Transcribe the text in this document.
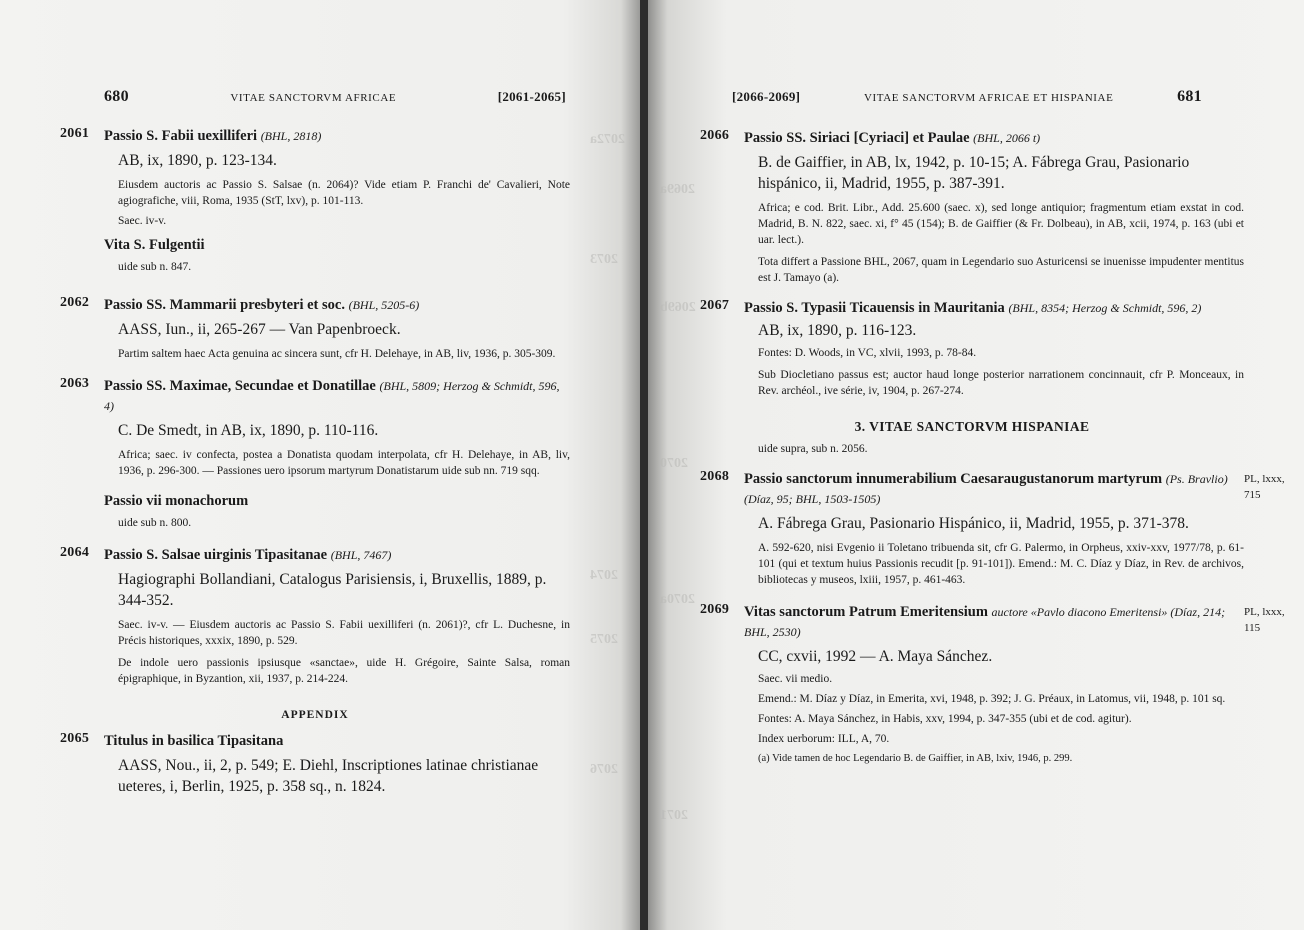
680	VITAE SANCTORVM AFRICAE	[2061-2065]
2072a
2073
2074
2075
2076
2061 Passio S. Fabii uexilliferi (BHL, 2818)
AB, ix, 1890, p. 123-134.
Eiusdem auctoris ac Passio S. Salsae (n. 2064)? Vide etiam P. Franchi de' Cavalieri, Note agiografiche, viii, Roma, 1935 (StT, lxv), p. 101-113.
Saec. iv-v.
Vita S. Fulgentii
uide sub n. 847.
2062 Passio SS. Mammarii presbyteri et soc. (BHL, 5205-6)
AASS, Iun., ii, 265-267 — Van Papenbroeck.
Partim saltem haec Acta genuina ac sincera sunt, cfr H. Delehaye, in AB, liv, 1936, p. 305-309.
2063 Passio SS. Maximae, Secundae et Donatillae (BHL, 5809; Herzog & Schmidt, 596, 4)
C. De Smedt, in AB, ix, 1890, p. 110-116.
Africa; saec. iv confecta, postea a Donatista quodam interpolata, cfr H. Delehaye, in AB, liv, 1936, p. 296-300. — Passiones uero ipsorum martyrum Donatistarum uide sub nn. 719 sqq.
Passio vii monachorum
uide sub n. 800.
2064 Passio S. Salsae uirginis Tipasitanae (BHL, 7467)
Hagiographi Bollandiani, Catalogus Parisiensis, i, Bruxellis, 1889, p. 344-352.
Saec. iv-v. — Eiusdem auctoris ac Passio S. Fabii uexilliferi (n. 2061)?, cfr L. Duchesne, in Précis historiques, xxxix, 1890, p. 529.
De indole uero passionis ipsiusque «sanctae», uide H. Grégoire, Sainte Salsa, roman épigraphique, in Byzantion, xii, 1937, p. 214-224.
APPENDIX
2065 Titulus in basilica Tipasitana
AASS, Nou., ii, 2, p. 549; E. Diehl, Inscriptiones latinae christianae ueteres, i, Berlin, 1925, p. 358 sq., n. 1824.
[2066-2069]	VITAE SANCTORVM AFRICAE ET HISPANIAE	681
2069a
2069b
2070
2070a
2071
2066 Passio SS. Siriaci [Cyriaci] et Paulae (BHL, 2066 t)
B. de Gaiffier, in AB, lx, 1942, p. 10-15; A. Fábrega Grau, Pasionario hispánico, ii, Madrid, 1955, p. 387-391.
Africa; e cod. Brit. Libr., Add. 25.600 (saec. x), sed longe antiquior; fragmentum etiam exstat in cod. Madrid, B. N. 822, saec. xi, f° 45 (154); B. de Gaiffier (& Fr. Dolbeau), in AB, xcii, 1974, p. 163 (ubi et uar. lect.).
Tota differt a Passione BHL, 2067, quam in Legendario suo Asturicensi se inuenisse impudenter mentitus est J. Tamayo (a).
2067 Passio S. Typasii Ticauensis in Mauritania (BHL, 8354; Herzog & Schmidt, 596, 2)
AB, ix, 1890, p. 116-123.
Fontes: D. Woods, in VC, xlvii, 1993, p. 78-84.
Sub Diocletiano passus est; auctor haud longe posterior narrationem concinnauit, cfr P. Monceaux, in Rev. archéol., ive série, iv, 1904, p. 267-274.
3. VITAE SANCTORVM HISPANIAE
uide supra, sub n. 2056.
2068	PL, lxxx, 715
Passio sanctorum innumerabilium Caesaraugustanorum martyrum (Ps. Bravlio) (Díaz, 95; BHL, 1503-1505)
A. Fábrega Grau, Pasionario Hispánico, ii, Madrid, 1955, p. 371-378.
A. 592-620, nisi Evgenio ii Toletano tribuenda sit, cfr G. Palermo, in Orpheus, xxiv-xxv, 1977/78, p. 61-101 (qui et textum huius Passionis recudit [p. 91-101]). Emend.: M. C. Díaz y Díaz, in Rev. de archivos, bibliotecas y museos, lxiii, 1957, p. 461-463.
2069	PL, lxxx, 115
Vitas sanctorum Patrum Emeritensium auctore «Pavlo diacono Emeritensi» (Díaz, 214; BHL, 2530)
CC, cxvii, 1992 — A. Maya Sánchez.
Saec. vii medio.
Emend.: M. Díaz y Díaz, in Emerita, xvi, 1948, p. 392; J. G. Préaux, in Latomus, vii, 1948, p. 101 sq.
Fontes: A. Maya Sánchez, in Habis, xxv, 1994, p. 347-355 (ubi et de cod. agitur).
Index uerborum: ILL, A, 70.
(a) Vide tamen de hoc Legendario B. de Gaiffier, in AB, lxiv, 1946, p. 299.
